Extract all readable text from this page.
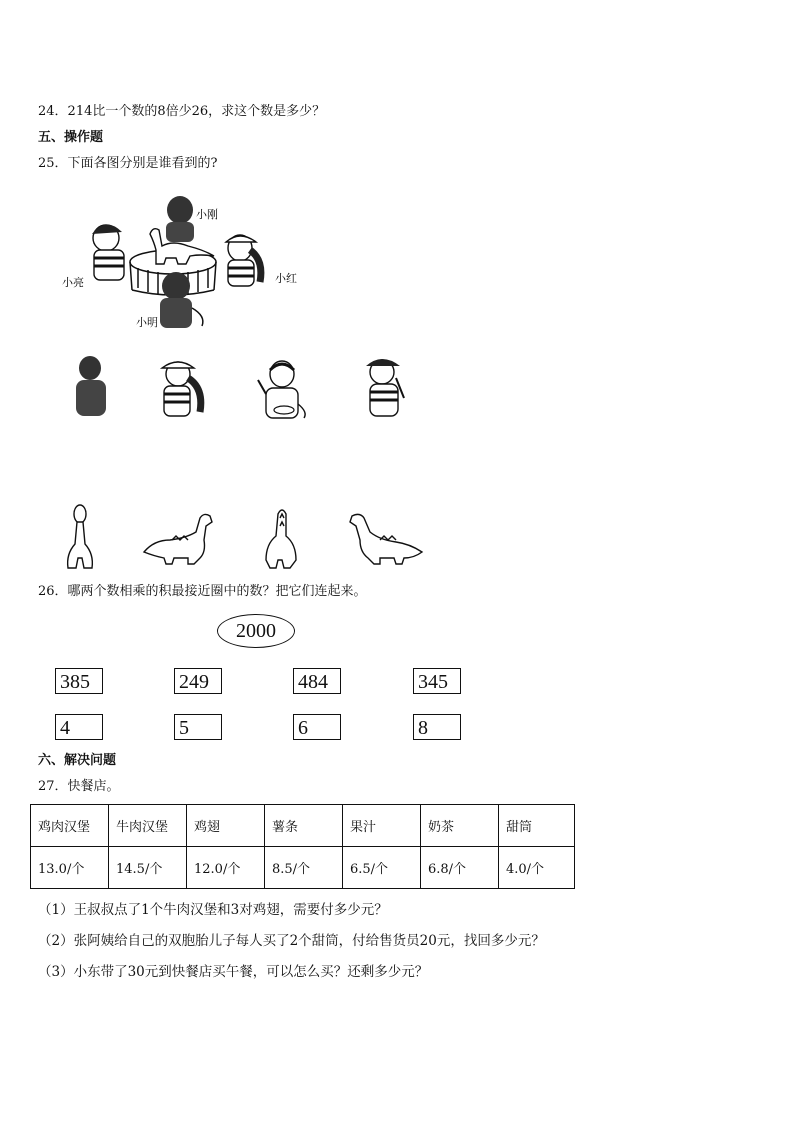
24．214比一个数的8倍少26，求这个数是多少？
五、操作题
25．下面各图分别是谁看到的?
小刚
小亮	小红
小明
26．哪两个数相乘的积最接近圈中的数？把它们连起来。
2000
385	249	484	345
4	5	6	8
六、解决问题
27．快餐店。
鸡肉汉堡	牛肉汉堡	鸡翅	薯条	果汁	奶茶	甜筒
13.0/个	14.5/个	12.0/个	8.5/个	6.5/个	6.8/个	4.0/个
（1）王叔叔点了1个牛肉汉堡和3对鸡翅，需要付多少元？
（2）张阿姨给自己的双胞胎儿子每人买了2个甜筒，付给售货员20元，找回多少元？
（3）小东带了30元到快餐店买午餐，可以怎么买？还剩多少元？
